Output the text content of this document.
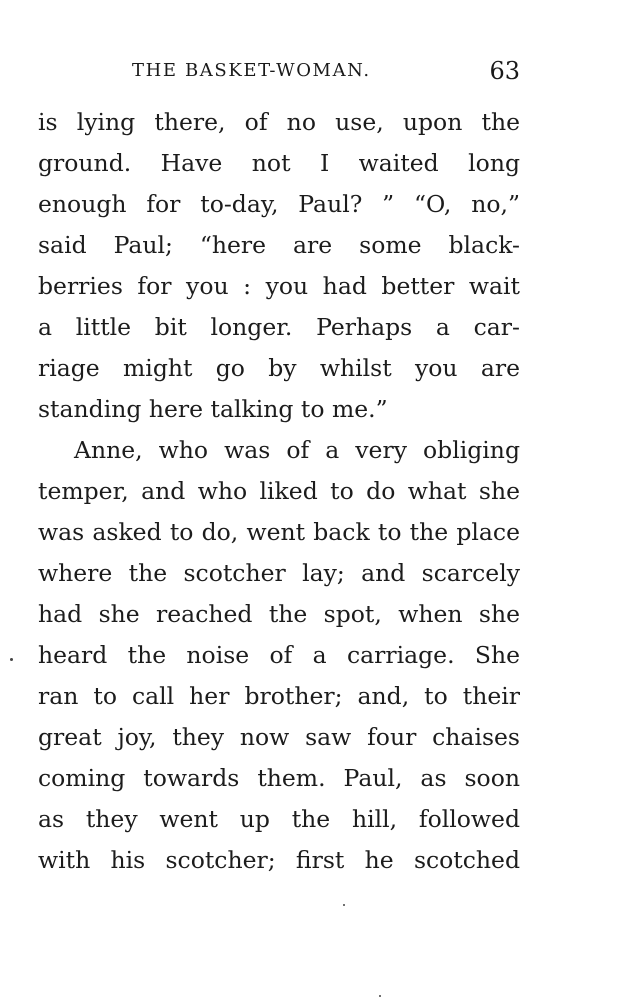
THE BASKET-WOMAN.	63
is lying there, of no use, upon the
ground. Have not I waited long
enough for to-day, Paul? ” “O, no,”
said Paul; “here are some black-
berries for you : you had better wait
a little bit longer. Perhaps a car-
riage might go by whilst you are
standing here talking to me.”
Anne, who was of a very obliging
temper, and who liked to do what she
was asked to do, went back to the place
where the scotcher lay; and scarcely
had she reached the spot, when she
heard the noise of a carriage. She
ran to call her brother; and, to their
great joy, they now saw four chaises
coming towards them. Paul, as soon
as they went up the hill, followed
with his scotcher; first he scotched
